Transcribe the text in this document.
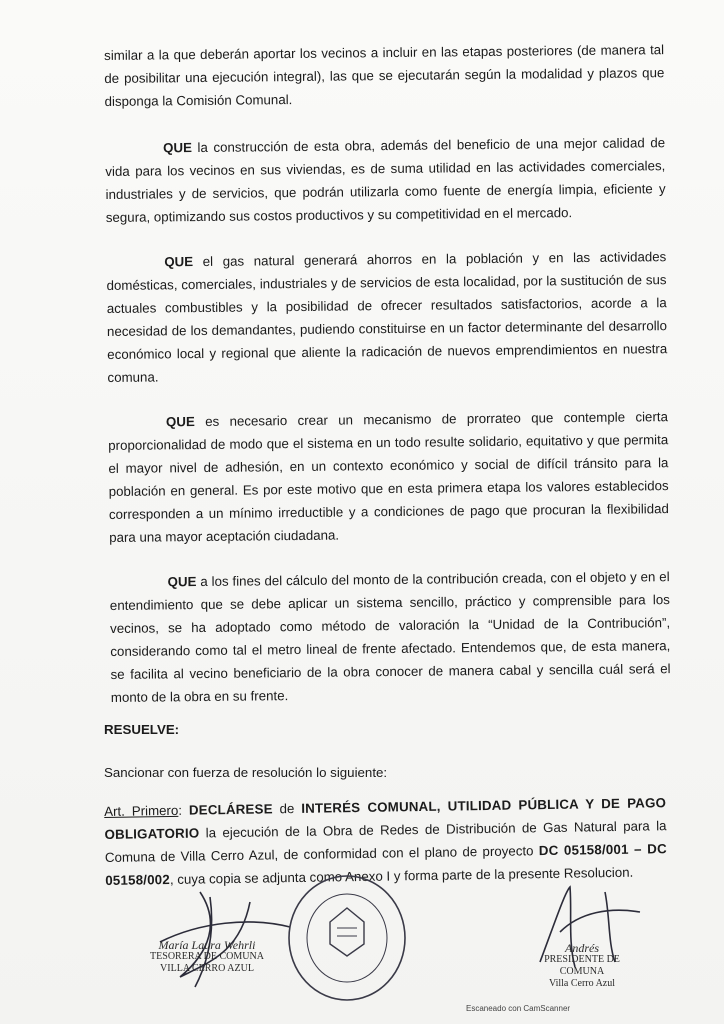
similar a la que deberán aportar los vecinos a incluir en las etapas posteriores (de manera tal de posibilitar una ejecución integral), las que se ejecutarán según la modalidad y plazos que disponga la Comisión Comunal.

QUE la construcción de esta obra, además del beneficio de una mejor calidad de vida para los vecinos en sus viviendas, es de suma utilidad en las actividades comerciales, industriales y de servicios, que podrán utilizarla como fuente de energía limpia, eficiente y segura, optimizando sus costos productivos y su competitividad en el mercado.

QUE el gas natural generará ahorros en la población y en las actividades domésticas, comerciales, industriales y de servicios de esta localidad, por la sustitución de sus actuales combustibles y la posibilidad de ofrecer resultados satisfactorios, acorde a la necesidad de los demandantes, pudiendo constituirse en un factor determinante del desarrollo económico local y regional que aliente la radicación de nuevos emprendimientos en nuestra comuna.

QUE es necesario crear un mecanismo de prorrateo que contemple cierta proporcionalidad de modo que el sistema en un todo resulte solidario, equitativo y que permita el mayor nivel de adhesión, en un contexto económico y social de difícil tránsito para la población en general. Es por este motivo que en esta primera etapa los valores establecidos corresponden a un mínimo irreductible y a condiciones de pago que procuran la flexibilidad para una mayor aceptación ciudadana.

QUE a los fines del cálculo del monto de la contribución creada, con el objeto y en el entendimiento que se debe aplicar un sistema sencillo, práctico y comprensible para los vecinos, se ha adoptado como método de valoración la “Unidad de la Contribución”, considerando como tal el metro lineal de frente afectado. Entendemos que, de esta manera, se facilita al vecino beneficiario de la obra conocer de manera cabal y sencilla cuál será el monto de la obra en su frente.

RESUELVE:
Sancionar con fuerza de resolución lo siguiente:
Art. Primero: DECLÁRESE de INTERÉS COMUNAL, UTILIDAD PÚBLICA Y DE PAGO OBLIGATORIO la ejecución de la Obra de Redes de Distribución de Gas Natural para la Comuna de Villa Cerro Azul, de conformidad con el plano de proyecto DC 05158/001 – DC 05158/002, cuya copia se adjunta como Anexo I y forma parte de la presente Resolucion.
María Laura Wehrli
TESORERA DE COMUNA
VILLA CERRO AZUL
Andrés
PRESIDENTE DE COMUNA
Villa Cerro Azul
Escaneado con CamScanner
